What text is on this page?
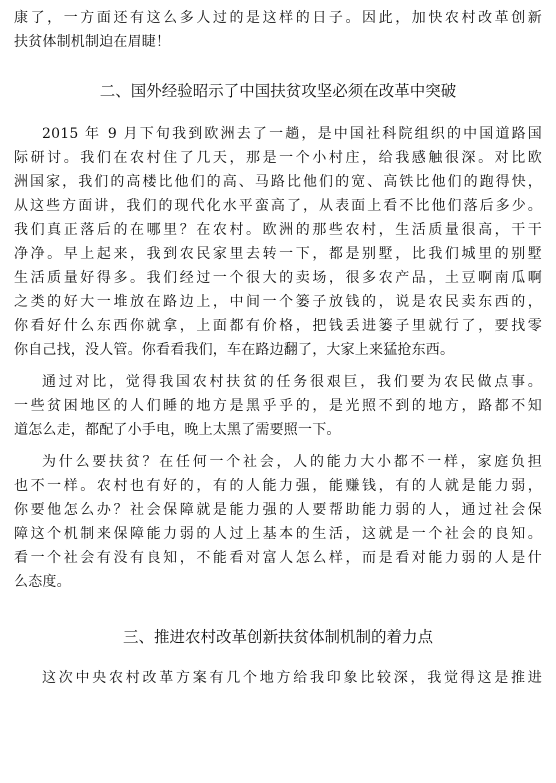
康了，一方面还有这么多人过的是这样的日子。因此，加快农村改革创新
扶贫体制机制迫在眉睫！
二、国外经验昭示了中国扶贫攻坚必须在改革中突破
2015 年 9 月下旬我到欧洲去了一趟，是中国社科院组织的中国道路国
际研讨。我们在农村住了几天，那是一个小村庄，给我感触很深。对比欧
洲国家，我们的高楼比他们的高、马路比他们的宽、高铁比他们的跑得快，
从这些方面讲，我们的现代化水平蛮高了，从表面上看不比他们落后多少。
我们真正落后的在哪里？在农村。欧洲的那些农村，生活质量很高，干干
净净。早上起来，我到农民家里去转一下，都是别墅，比我们城里的别墅
生活质量好得多。我们经过一个很大的卖场，很多农产品，土豆啊南瓜啊
之类的好大一堆放在路边上，中间一个篓子放钱的，说是农民卖东西的，
你看好什么东西你就拿，上面都有价格，把钱丢进篓子里就行了，要找零
你自己找，没人管。你看看我们，车在路边翻了，大家上来猛抢东西。
通过对比，觉得我国农村扶贫的任务很艰巨，我们要为农民做点事。
一些贫困地区的人们睡的地方是黑乎乎的，是光照不到的地方，路都不知
道怎么走，都配了小手电，晚上太黑了需要照一下。
为什么要扶贫？在任何一个社会，人的能力大小都不一样，家庭负担
也不一样。农村也有好的，有的人能力强，能赚钱，有的人就是能力弱，
你要他怎么办？社会保障就是能力强的人要帮助能力弱的人，通过社会保
障这个机制来保障能力弱的人过上基本的生活，这就是一个社会的良知。
看一个社会有没有良知，不能看对富人怎么样，而是看对能力弱的人是什
么态度。
三、推进农村改革创新扶贫体制机制的着力点
这次中央农村改革方案有几个地方给我印象比较深，我觉得这是推进
